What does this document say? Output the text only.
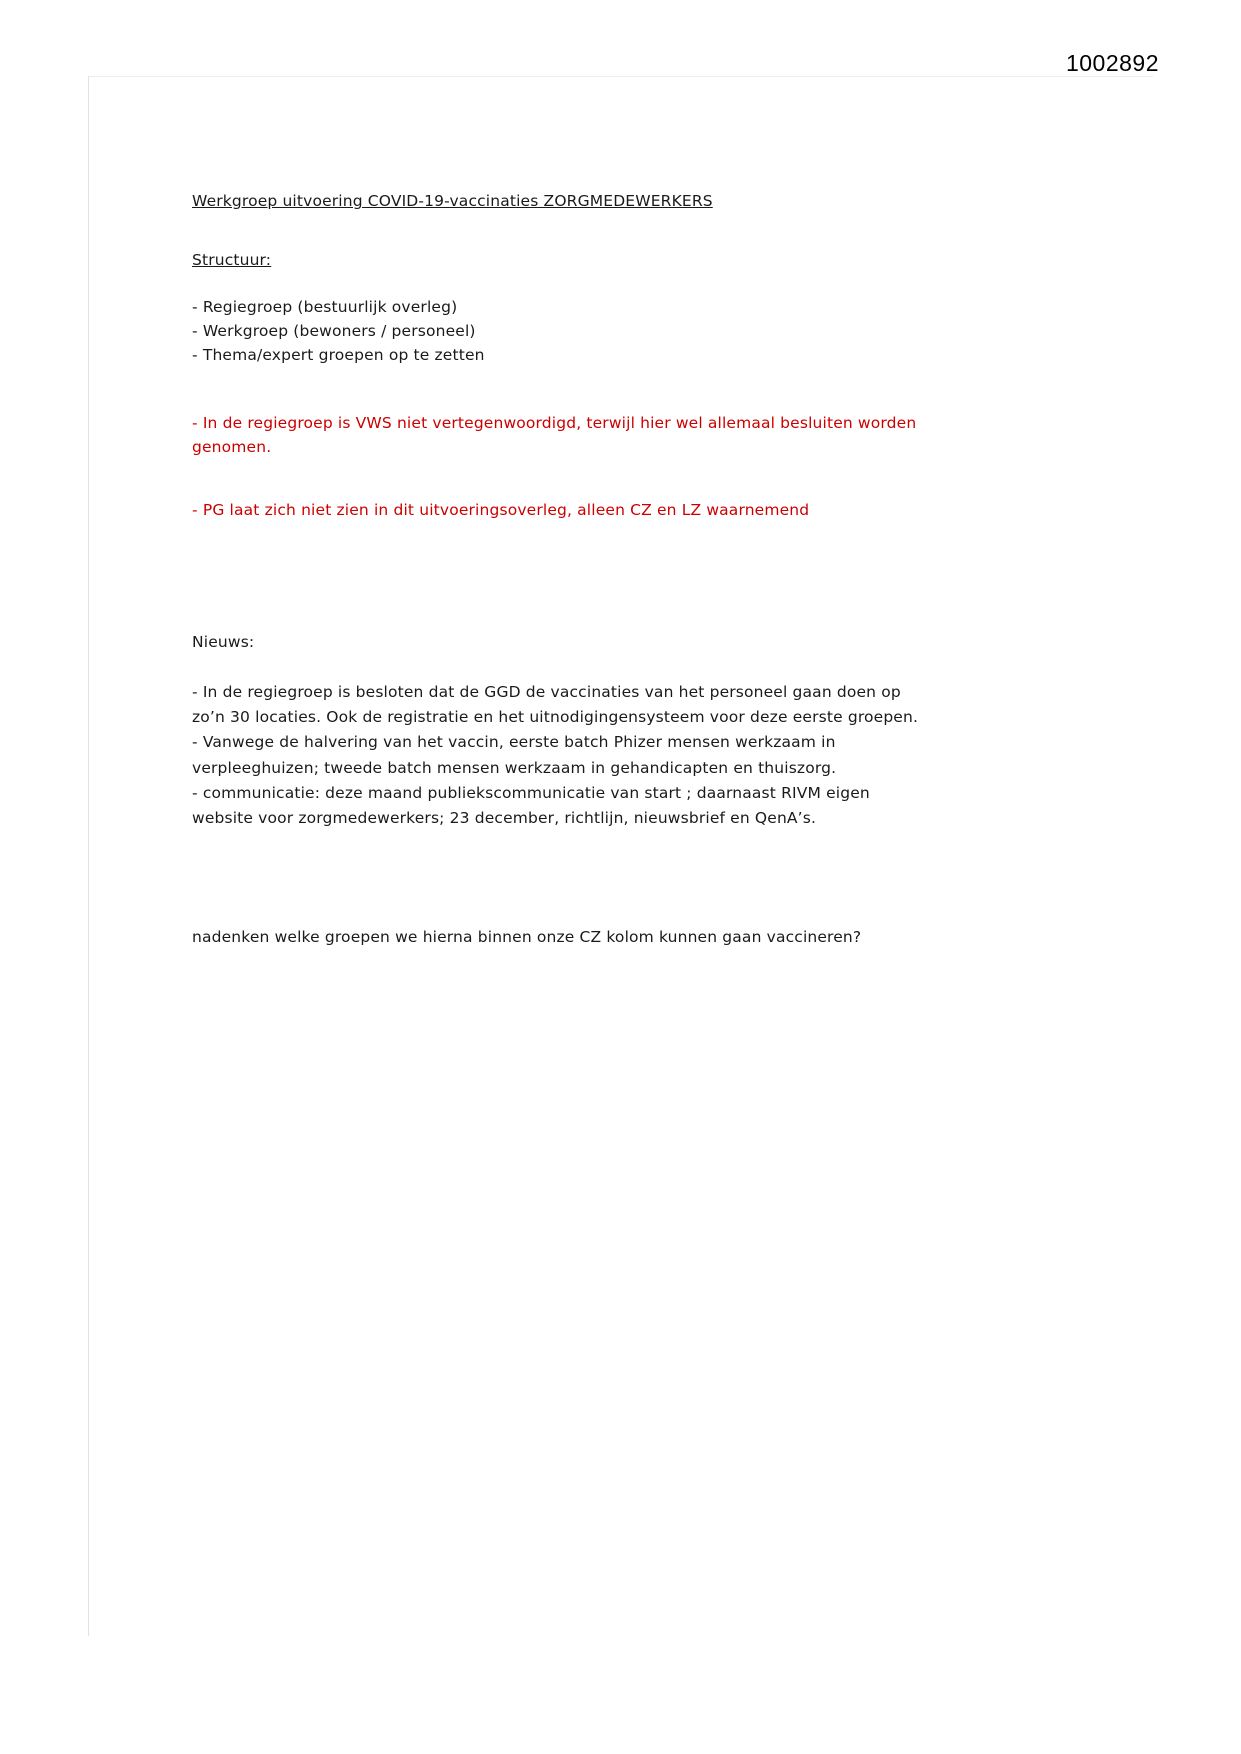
1002892
Werkgroep uitvoering COVID-19-vaccinaties ZORGMEDEWERKERS
Structuur:
- Regiegroep (bestuurlijk overleg)
- Werkgroep (bewoners / personeel)
- Thema/expert groepen op te zetten
- In de regiegroep is VWS niet vertegenwoordigd, terwijl hier wel allemaal besluiten worden genomen.
- PG laat zich niet zien in dit uitvoeringsoverleg, alleen CZ en LZ waarnemend
Nieuws:

- In de regiegroep is besloten dat de GGD de vaccinaties van het personeel gaan doen op zo’n 30 locaties. Ook de registratie en het uitnodigingensysteem voor deze eerste groepen.

- Vanwege de halvering van het vaccin, eerste batch Phizer mensen werkzaam in verpleeghuizen; tweede batch mensen werkzaam in gehandicapten en thuiszorg.

- communicatie: deze maand publiekscommunicatie van start ; daarnaast RIVM eigen website voor zorgmedewerkers; 23 december, richtlijn, nieuwsbrief en QenA’s.

nadenken welke groepen we hierna binnen onze CZ kolom kunnen gaan vaccineren?
